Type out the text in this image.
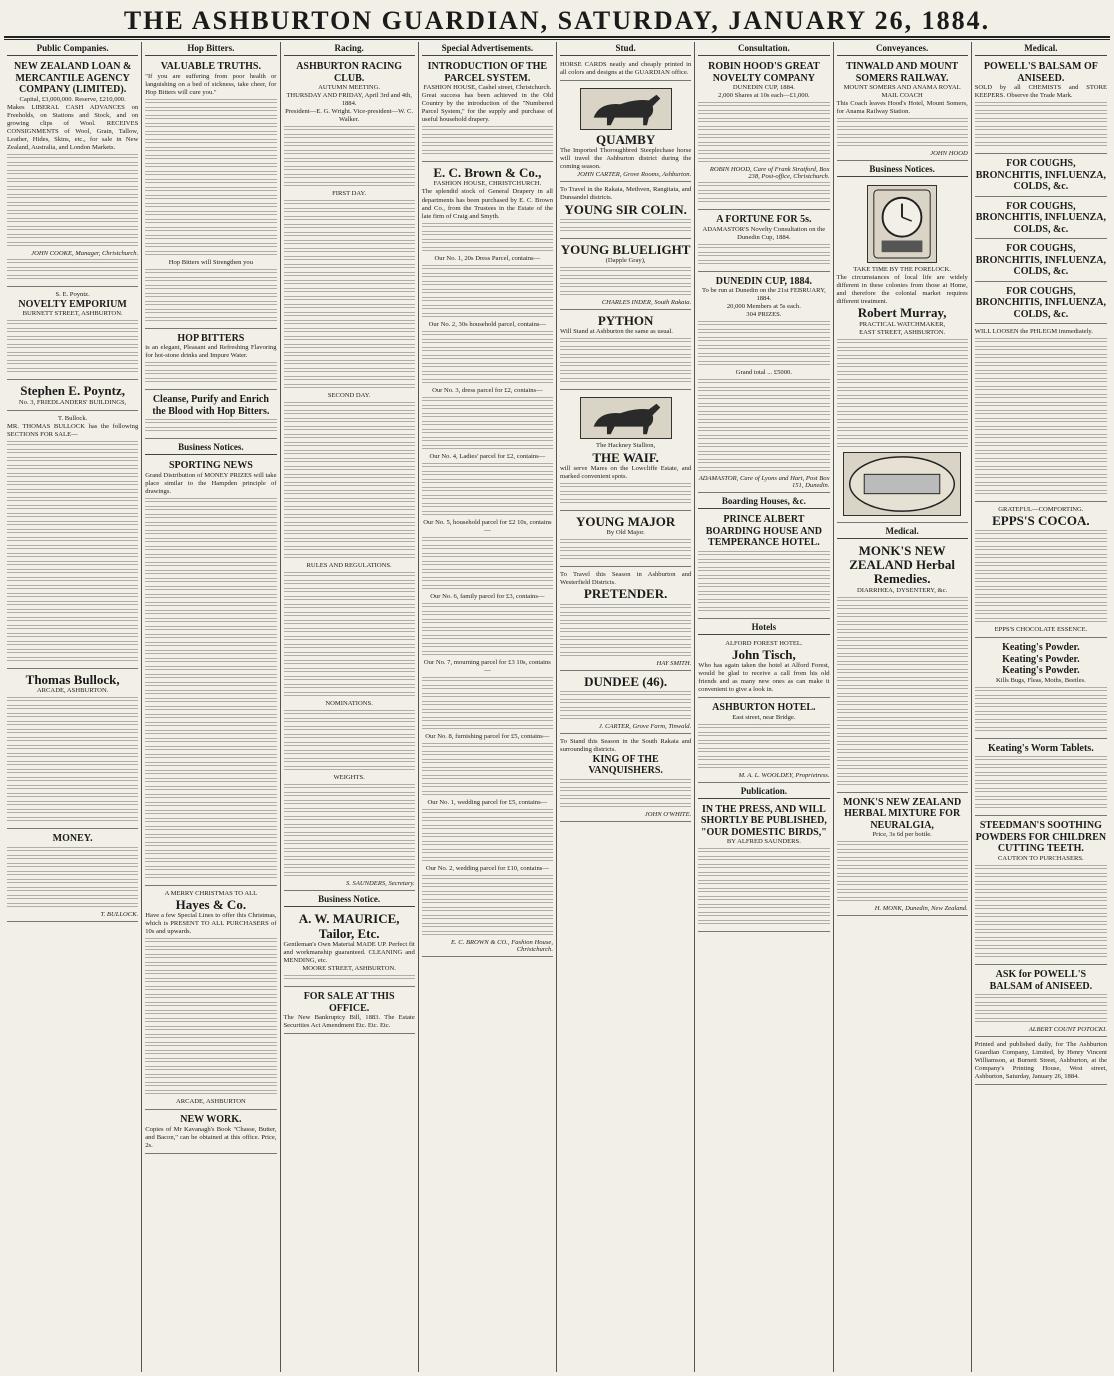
THE ASHBURTON GUARDIAN, SATURDAY, JANUARY 26, 1884.
Public Companies.
NEW ZEALAND LOAN & MERCANTILE AGENCY COMPANY (LIMITED).
Capital, £3,000,000. Reserve, £210,000.
Makes LIBERAL CASH ADVANCES on Freeholds, on Stations and Stock, and on growing clips of Wool. RECEIVES CONSIGNMENTS of Wool, Grain, Tallow, Leather, Hides, Skins, etc., for sale in New Zealand, Australia, and London Markets.
JOHN COOKE, Manager, Christchurch.
S. E. Poyntz.
NOVELTY EMPORIUM
BURNETT STREET, ASHBURTON.
Stephen E. Poyntz,
No. 3, FRIEDLANDERS' BUILDINGS,
T. Bullock.
MR. THOMAS BULLOCK has the following SECTIONS FOR SALE—
Thomas Bullock,
ARCADE, ASHBURTON.
MONEY.
T. BULLOCK.
Hop Bitters.
VALUABLE TRUTHS.
"If you are suffering from poor health or languishing on a bed of sickness, take cheer, for Hop Bitters will cure you."
Hop Bitters will Strengthen you
HOP BITTERS
is an elegant, Pleasant and Refreshing Flavoring for hot-stone drinks and Impure Water.
Cleanse, Purify and Enrich the Blood with Hop Bitters.
Business Notices.
SPORTING NEWS
Grand Distribution of MONEY PRIZES will take place similar to the Hampden principle of drawings.
A MERRY CHRISTMAS TO ALL
Hayes & Co.
Have a few Special Lines to offer this Christmas, which is PRESENT TO ALL PURCHASERS of 10s and upwards.
ARCADE, ASHBURTON
NEW WORK.
Copies of Mr Kavanagh's Book "Chasse, Butter, and Bacon," can be obtained at this office. Price, 2s.
Racing.
ASHBURTON RACING CLUB.
AUTUMN MEETING.
THURSDAY AND FRIDAY, April 3rd and 4th, 1884.
President—E. G. Wright. Vice-president—W. C. Walker.
FIRST DAY.
SECOND DAY.
RULES AND REGULATIONS.
NOMINATIONS.
WEIGHTS.
S. SAUNDERS, Secretary.
Business Notice.
A. W. MAURICE, Tailor, Etc.
Gentleman's Own Material MADE UP. Perfect fit and workmanship guaranteed. CLEANING and MENDING, etc.
MOORE STREET, ASHBURTON.
FOR SALE AT THIS OFFICE.
The New Bankruptcy Bill, 1883. The Estate Securities Act Amendment Etc. Etc. Etc.
Special Advertisements.
INTRODUCTION OF THE PARCEL SYSTEM.
FASHION HOUSE, Cashel street, Christchurch.
Great success has been achieved in the Old Country by the introduction of the "Numbered Parcel System," for the supply and purchase of useful household drapery.
E. C. Brown & Co.,
FASHION HOUSE, CHRISTCHURCH.
The splendid stock of General Drapery in all departments has been purchased by E. C. Brown and Co., from the Trustees in the Estate of the late firm of Craig and Smyth.
Our No. 1, 20s Dress Parcel, contains—
Our No. 2, 30s household parcel, contains—
Our No. 3, dress parcel for £2, contains—
Our No. 4, Ladies' parcel for £2, contains—
Our No. 5, household parcel for £2 10s, contains—
Our No. 6, family parcel for £3, contains—
Our No. 7, mourning parcel for £3 10s, contains—
Our No. 8, furnishing parcel for £5, contains—
Our No. 1, wedding parcel for £5, contains—
Our No. 2, wedding parcel for £10, contains—
E. C. BROWN & CO., Fashion House, Christchurch.
Stud.
HORSE CARDS neatly and cheaply printed in all colors and designs at the GUARDIAN office.
QUAMBY
The Imported Thoroughbred Steeplechase horse will travel the Ashburton district during the coming season.
JOHN CARTER, Grove Rooms, Ashburton.
To Travel in the Rakaia, Methven, Rangitata, and Dunsandel districts.
YOUNG SIR COLIN.
YOUNG BLUELIGHT
(Dapple Gray),
CHARLES INDER, South Rakaia.
PYTHON
Will Stand at Ashburton the same as usual.
The Hackney Stallion,
THE WAIF.
will serve Mares on the Lowcliffe Estate, and marked convenient spots.
YOUNG MAJOR
By Old Major.
To Travel this Season in Ashburton and Westerfield Districts.
PRETENDER.
HAY SMITH.
DUNDEE (46).
J. CARTER, Grove Farm, Tinwald.
To Stand this Season in the South Rakaia and surrounding districts.
KING OF THE VANQUISHERS.
JOHN O'WHITE.
Consultation.
ROBIN HOOD'S GREAT NOVELTY COMPANY
DUNEDIN CUP, 1884.
2,000 Shares at 10s each—£1,000.
ROBIN HOOD, Care of Frank Stratford, Box 238, Post-office, Christchurch.
A FORTUNE FOR 5s.
ADAMASTOR'S Novelty Consultation on the Dunedin Cup, 1884.
DUNEDIN CUP, 1884.
To be run at Dunedin on the 21st FEBRUARY, 1884.
20,000 Members at 5s each.
304 PRIZES.
Grand total ... £5000.
ADAMASTOR, Care of Lyons and Hart, Post Box 151, Dunedin.
Boarding Houses, &c.
PRINCE ALBERT BOARDING HOUSE AND TEMPERANCE HOTEL.
Hotels
ALFORD FOREST HOTEL.
John Tisch,
Who has again taken the hotel at Alford Forest, would be glad to receive a call from his old friends and as many new ones as can make it convenient to give a look in.
ASHBURTON HOTEL.
East street, near Bridge.
M. A. L. WOOLDEY, Proprietress.
Publication.
IN THE PRESS, AND WILL SHORTLY BE PUBLISHED, "OUR DOMESTIC BIRDS,"
BY ALFRED SAUNDERS.
Conveyances.
TINWALD AND MOUNT SOMERS RAILWAY.
MOUNT SOMERS AND ANAMA ROYAL MAIL COACH
This Coach leaves Hood's Hotel, Mount Somers, for Anama Railway Station.
JOHN HOOD
Business Notices.
TAKE TIME BY THE FORELOCK.
The circumstances of local life are widely different in these colonies from those at Home, and therefore the colonial market requires different treatment.
Robert Murray,
PRACTICAL WATCHMAKER,
EAST STREET, ASHBURTON.
Medical.
MONK'S NEW ZEALAND Herbal Remedies.
DIARRHŒA, DYSENTERY, &c.
MONK'S NEW ZEALAND HERBAL MIXTURE FOR NEURALGIA,
Price, 3s 6d per bottle.
H. MONK, Dunedin, New Zealand.
Medical.
POWELL'S BALSAM OF ANISEED.
SOLD by all CHEMISTS and STORE KEEPERS. Observe the Trade Mark.
FOR COUGHS, BRONCHITIS, INFLUENZA, COLDS, &c.
FOR COUGHS, BRONCHITIS, INFLUENZA, COLDS, &c.
FOR COUGHS, BRONCHITIS, INFLUENZA, COLDS, &c.
FOR COUGHS, BRONCHITIS, INFLUENZA, COLDS, &c.
WILL LOOSEN the PHLEGM immediately.
GRATEFUL—COMFORTING.
EPPS'S COCOA.
EPPS'S CHOCOLATE ESSENCE.
Keating's Powder.
Keating's Powder.
Keating's Powder.
Kills Bugs, Fleas, Moths, Beetles.
Keating's Worm Tablets.
STEEDMAN'S SOOTHING POWDERS FOR CHILDREN CUTTING TEETH.
CAUTION TO PURCHASERS.
ASK for POWELL'S BALSAM of ANISEED.
ALBERT COUNT POTOCKI.
Printed and published daily, for The Ashburton Guardian Company, Limited, by Henry Vincent Williamson, at Burnett Street, Ashburton, at the Company's Printing House, West street, Ashburton, Saturday, January 26, 1884.
